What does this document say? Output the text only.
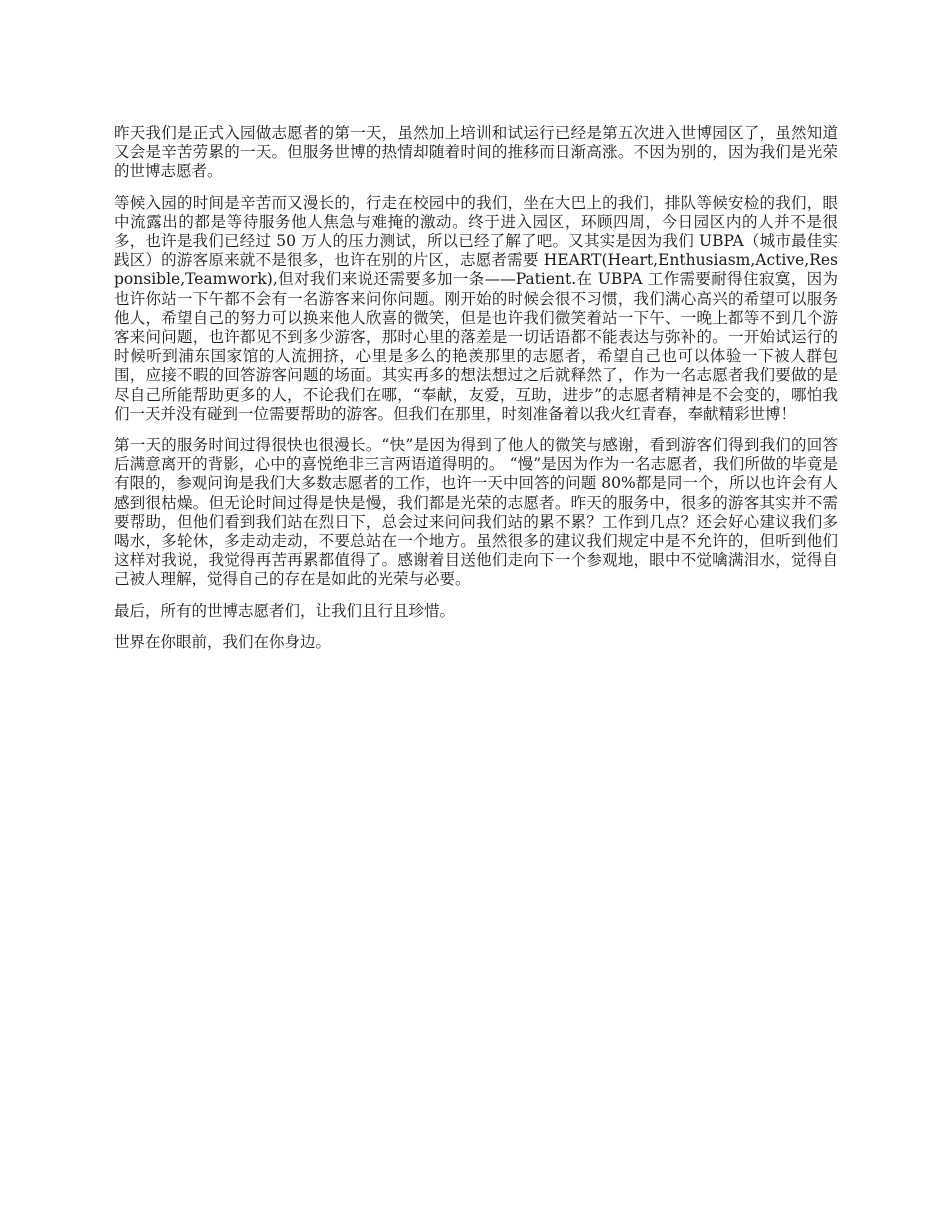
昨天我们是正式入园做志愿者的第一天，虽然加上培训和试运行已经是第五次进入世博园区了，虽然知道又会是辛苦劳累的一天。但服务世博的热情却随着时间的推移而日渐高涨。不因为别的，因为我们是光荣的世博志愿者。

等候入园的时间是辛苦而又漫长的，行走在校园中的我们，坐在大巴上的我们，排队等候安检的我们，眼中流露出的都是等待服务他人焦急与难掩的激动。终于进入园区，环顾四周，今日园区内的人并不是很多，也许是我们已经过 50 万人的压力测试，所以已经了解了吧。又其实是因为我们 UBPA（城市最佳实践区）的游客原来就不是很多，也许在别的片区，志愿者需要 HEART(Heart,Enthusiasm,Active,Responsible,Teamwork),但对我们来说还需要多加一条——Patient.在 UBPA 工作需要耐得住寂寞，因为也许你站一下午都不会有一名游客来问你问题。刚开始的时候会很不习惯，我们满心高兴的希望可以服务他人，希望自己的努力可以换来他人欣喜的微笑，但是也许我们微笑着站一下午、一晚上都等不到几个游客来问问题，也许都见不到多少游客，那时心里的落差是一切话语都不能表达与弥补的。一开始试运行的时候听到浦东国家馆的人流拥挤，心里是多么的艳羡那里的志愿者，希望自己也可以体验一下被人群包围，应接不暇的回答游客问题的场面。其实再多的想法想过之后就释然了，作为一名志愿者我们要做的是尽自己所能帮助更多的人，不论我们在哪，“奉献，友爱，互助，进步”的志愿者精神是不会变的，哪怕我们一天并没有碰到一位需要帮助的游客。但我们在那里，时刻准备着以我火红青春，奉献精彩世博！

第一天的服务时间过得很快也很漫长。“快”是因为得到了他人的微笑与感谢，看到游客们得到我们的回答后满意离开的背影，心中的喜悦绝非三言两语道得明的。 “慢”是因为作为一名志愿者，我们所做的毕竟是有限的，参观问询是我们大多数志愿者的工作，也许一天中回答的问题 80%都是同一个，所以也许会有人感到很枯燥。但无论时间过得是快是慢，我们都是光荣的志愿者。昨天的服务中，很多的游客其实并不需要帮助，但他们看到我们站在烈日下，总会过来问问我们站的累不累？工作到几点？还会好心建议我们多喝水，多轮休，多走动走动，不要总站在一个地方。虽然很多的建议我们规定中是不允许的，但听到他们这样对我说，我觉得再苦再累都值得了。感谢着目送他们走向下一个参观地，眼中不觉噙满泪水，觉得自己被人理解，觉得自己的存在是如此的光荣与必要。

最后，所有的世博志愿者们，让我们且行且珍惜。

世界在你眼前，我们在你身边。
